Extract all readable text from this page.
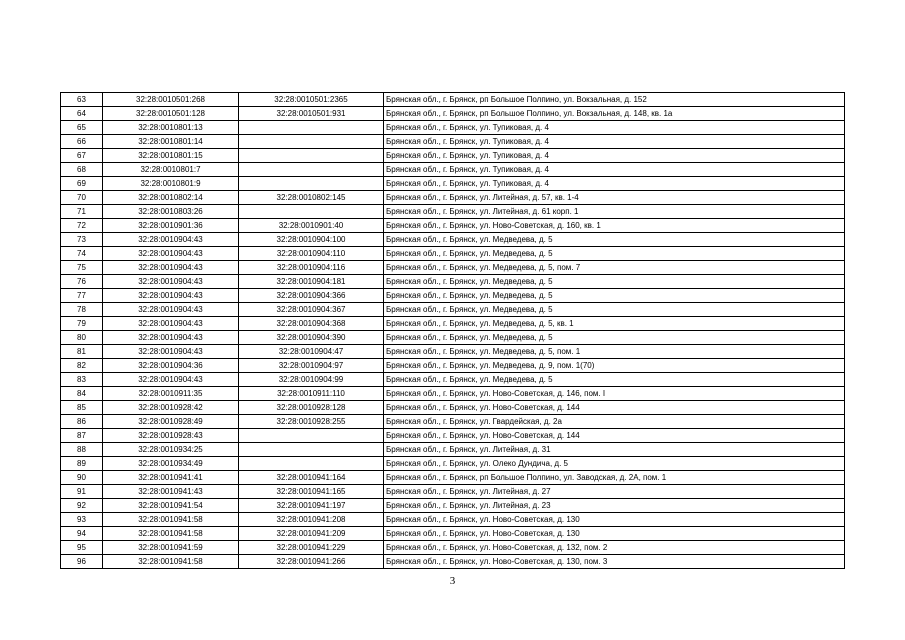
63	32:28:0010501:268	32:28:0010501:2365	Брянская обл., г. Брянск, рп Большое Полпино, ул. Вокзальная, д. 152
64	32:28:0010501:128	32:28:0010501:931	Брянская обл., г. Брянск, рп Большое Полпино, ул. Вокзальная, д. 148, кв. 1а
65	32:28:0010801:13		Брянская обл., г. Брянск, ул. Тупиковая, д. 4
66	32:28:0010801:14		Брянская обл., г. Брянск, ул. Тупиковая, д. 4
67	32:28:0010801:15		Брянская обл., г. Брянск, ул. Тупиковая, д. 4
68	32:28:0010801:7		Брянская обл., г. Брянск, ул. Тупиковая, д. 4
69	32:28:0010801:9		Брянская обл., г. Брянск, ул. Тупиковая, д. 4
70	32:28:0010802:14	32:28:0010802:145	Брянская обл., г. Брянск, ул. Литейная, д. 57, кв. 1-4
71	32:28:0010803:26		Брянская обл., г. Брянск, ул. Литейная, д. 61 корп. 1
72	32:28:0010901:36	32:28:0010901:40	Брянская обл., г. Брянск, ул. Ново-Советская, д. 160, кв. 1
73	32:28:0010904:43	32:28:0010904:100	Брянская обл., г. Брянск, ул. Медведева, д. 5
74	32:28:0010904:43	32:28:0010904:110	Брянская обл., г. Брянск, ул. Медведева, д. 5
75	32:28:0010904:43	32:28:0010904:116	Брянская обл., г. Брянск, ул. Медведева, д. 5, пом. 7
76	32:28:0010904:43	32:28:0010904:181	Брянская обл., г. Брянск, ул. Медведева, д. 5
77	32:28:0010904:43	32:28:0010904:366	Брянская обл., г. Брянск, ул. Медведева, д. 5
78	32:28:0010904:43	32:28:0010904:367	Брянская обл., г. Брянск, ул. Медведева, д. 5
79	32:28:0010904:43	32:28:0010904:368	Брянская обл., г. Брянск, ул. Медведева, д. 5, кв. 1
80	32:28:0010904:43	32:28:0010904:390	Брянская обл., г. Брянск, ул. Медведева, д. 5
81	32:28:0010904:43	32:28:0010904:47	Брянская обл., г. Брянск, ул. Медведева, д. 5, пом. 1
82	32:28:0010904:36	32:28:0010904:97	Брянская обл., г. Брянск, ул. Медведева, д. 9, пом. 1(70)
83	32:28:0010904:43	32:28:0010904:99	Брянская обл., г. Брянск, ул. Медведева, д. 5
84	32:28:0010911:35	32:28:0010911:110	Брянская обл., г. Брянск, ул. Ново-Советская, д. 146, пом. I
85	32:28:0010928:42	32:28:0010928:128	Брянская обл., г. Брянск, ул. Ново-Советская, д. 144
86	32:28:0010928:49	32:28:0010928:255	Брянская обл., г. Брянск, ул. Гвардейская, д. 2а
87	32:28:0010928:43		Брянская обл., г. Брянск, ул. Ново-Советская, д. 144
88	32:28:0010934:25		Брянская обл., г. Брянск, ул. Литейная, д. 31
89	32:28:0010934:49		Брянская обл., г. Брянск, ул. Олеко Дундича, д. 5
90	32:28:0010941:41	32:28:0010941:164	Брянская обл., г. Брянск, рп Большое Полпино, ул. Заводская, д. 2А, пом. 1
91	32:28:0010941:43	32:28:0010941:165	Брянская обл., г. Брянск, ул. Литейная, д. 27
92	32:28:0010941:54	32:28:0010941:197	Брянская обл., г. Брянск, ул. Литейная, д. 23
93	32:28:0010941:58	32:28:0010941:208	Брянская обл., г. Брянск, ул. Ново-Советская, д. 130
94	32:28:0010941:58	32:28:0010941:209	Брянская обл., г. Брянск, ул. Ново-Советская, д. 130
95	32:28:0010941:59	32:28:0010941:229	Брянская обл., г. Брянск, ул. Ново-Советская, д. 132, пом. 2
96	32:28:0010941:58	32:28:0010941:266	Брянская обл., г. Брянск, ул. Ново-Советская, д. 130, пом. 3
3
